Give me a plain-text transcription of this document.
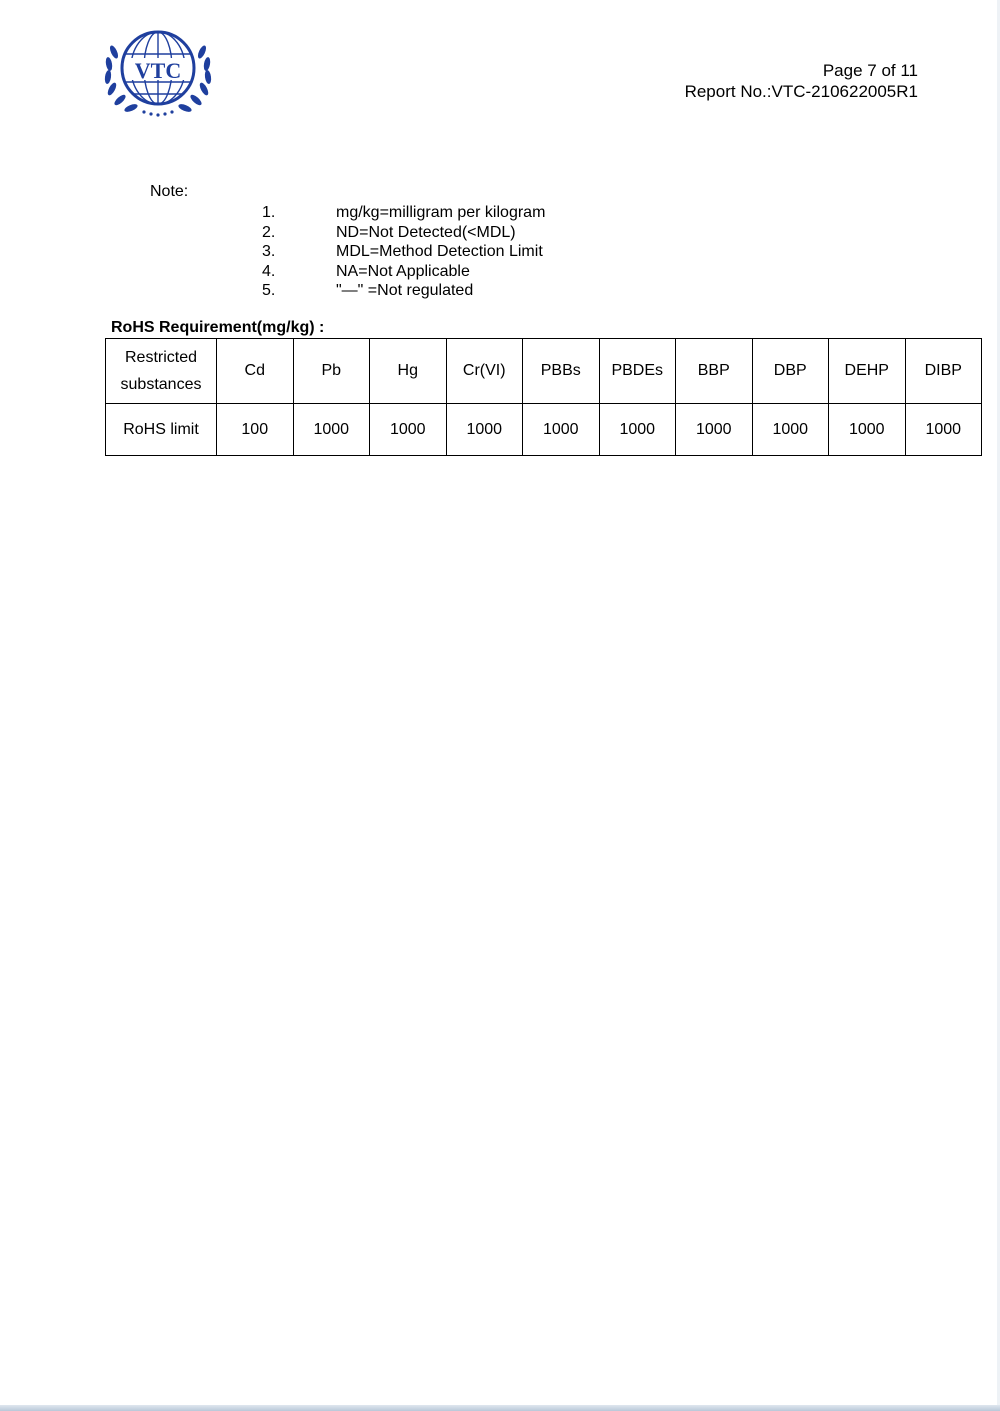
VTC	Page 7 of 11
Report No.:VTC-210622005R1
Note:
1.	mg/kg=milligram per kilogram
2.	ND=Not Detected(<MDL)
3.	MDL=Method Detection Limit
4.	NA=Not Applicable
5.	"—" =Not regulated
RoHS Requirement(mg/kg) :
Restricted
substances	Cd	Pb	Hg	Cr(VI)	PBBs	PBDEs	BBP	DBP	DEHP	DIBP
RoHS limit	100	1000	1000	1000	1000	1000	1000	1000	1000	1000
